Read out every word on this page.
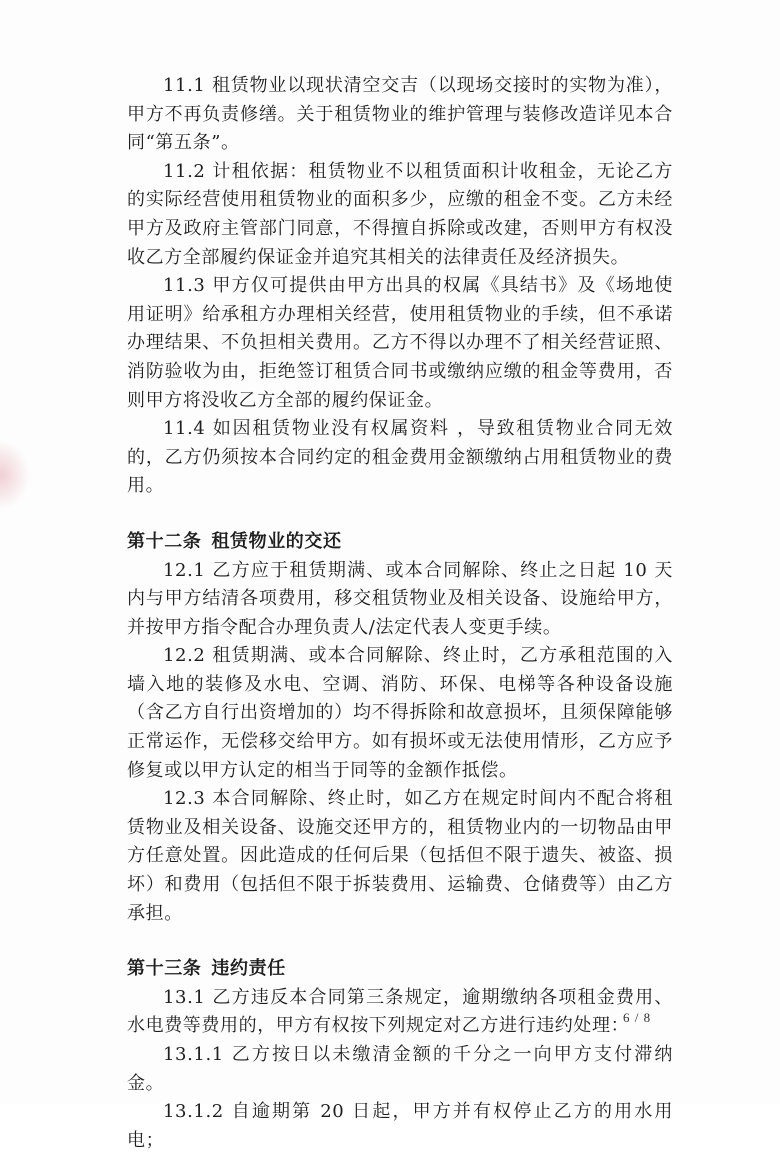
11.1 租赁物业以现状清空交吉（以现场交接时的实物为准），甲方不再负责修缮。关于租赁物业的维护管理与装修改造详见本合同“第五条”。

11.2 计租依据：租赁物业不以租赁面积计收租金，无论乙方的实际经营使用租赁物业的面积多少，应缴的租金不变。乙方未经甲方及政府主管部门同意，不得擅自拆除或改建，否则甲方有权没收乙方全部履约保证金并追究其相关的法律责任及经济损失。

11.3 甲方仅可提供由甲方出具的权属《具结书》及《场地使用证明》给承租方办理相关经营，使用租赁物业的手续，但不承诺办理结果、不负担相关费用。乙方不得以办理不了相关经营证照、消防验收为由，拒绝签订租赁合同书或缴纳应缴的租金等费用，否则甲方将没收乙方全部的履约保证金。

11.4 如因租赁物业没有权属资料 ，导致租赁物业合同无效的，乙方仍须按本合同约定的租金费用金额缴纳占用租赁物业的费用。

第十二条 租赁物业的交还

12.1 乙方应于租赁期满、或本合同解除、终止之日起 10 天内与甲方结清各项费用，移交租赁物业及相关设备、设施给甲方，并按甲方指令配合办理负责人/法定代表人变更手续。

12.2 租赁期满、或本合同解除、终止时，乙方承租范围的入墙入地的装修及水电、空调、消防、环保、电梯等各种设备设施（含乙方自行出资增加的）均不得拆除和故意损坏，且须保障能够正常运作，无偿移交给甲方。如有损坏或无法使用情形，乙方应予修复或以甲方认定的相当于同等的金额作抵偿。

12.3 本合同解除、终止时，如乙方在规定时间内不配合将租赁物业及相关设备、设施交还甲方的，租赁物业内的一切物品由甲方任意处置。因此造成的任何后果（包括但不限于遗失、被盗、损坏）和费用（包括但不限于拆装费用、运输费、仓储费等）由乙方承担。

第十三条 违约责任

13.1 乙方违反本合同第三条规定，逾期缴纳各项租金费用、水电费等费用的，甲方有权按下列规定对乙方进行违约处理：

13.1.1 乙方按日以未缴清金额的千分之一向甲方支付滞纳金。

13.1.2 自逾期第 20 日起，甲方并有权停止乙方的用水用电；

6 / 8
